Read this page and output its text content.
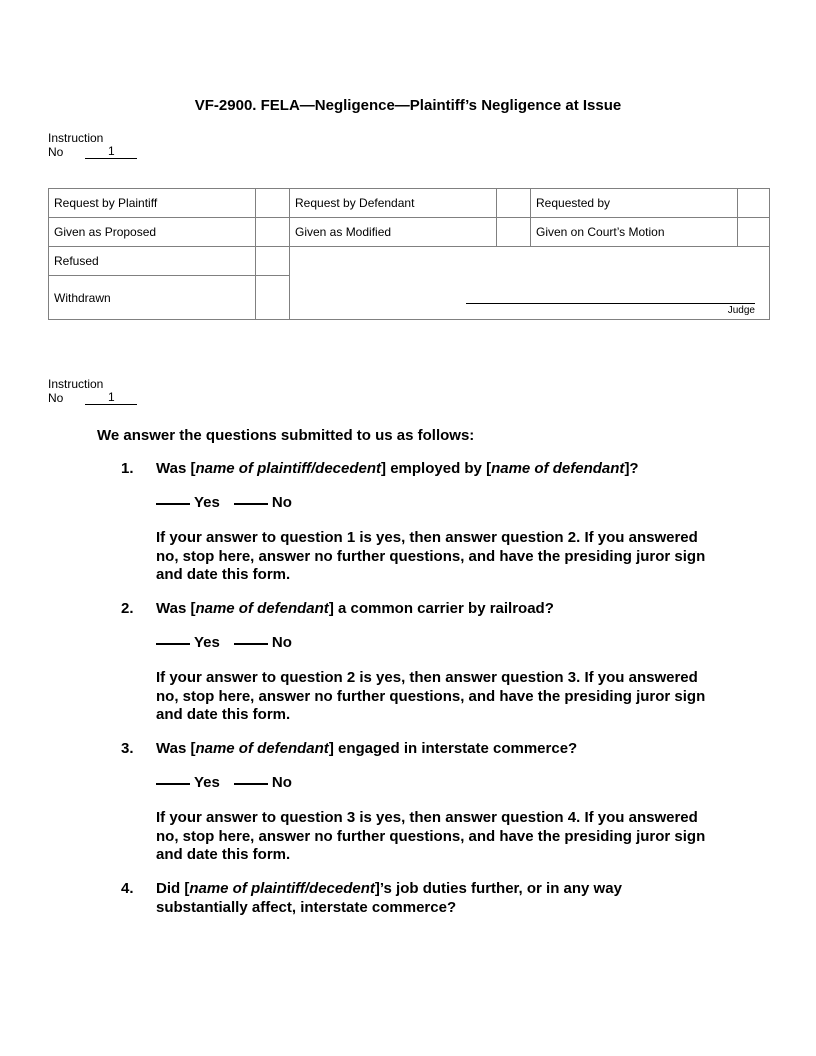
VF-2900. FELA—Negligence—Plaintiff’s Negligence at Issue
Instruction
No	1
Request by Plaintiff		Request by Defendant		Requested by	
Given as Proposed		Given as Modified		Given on Court’s Motion	
Refused		Judge			

Withdrawn					
Instruction
No	1
We answer the questions submitted to us as follows:
1. Was [name of plaintiff/decedent] employed by [name of defendant]?
Yes	No
If your answer to question 1 is yes, then answer question 2. If you answered no, stop here, answer no further questions, and have the presiding juror sign and date this form.
2. Was [name of defendant] a common carrier by railroad?
Yes	No
If your answer to question 2 is yes, then answer question 3. If you answered no, stop here, answer no further questions, and have the presiding juror sign and date this form.
3. Was [name of defendant] engaged in interstate commerce?
Yes	No
If your answer to question 3 is yes, then answer question 4. If you answered no, stop here, answer no further questions, and have the presiding juror sign and date this form.
4. Did [name of plaintiff/decedent]’s job duties further, or in any way substantially affect, interstate commerce?
